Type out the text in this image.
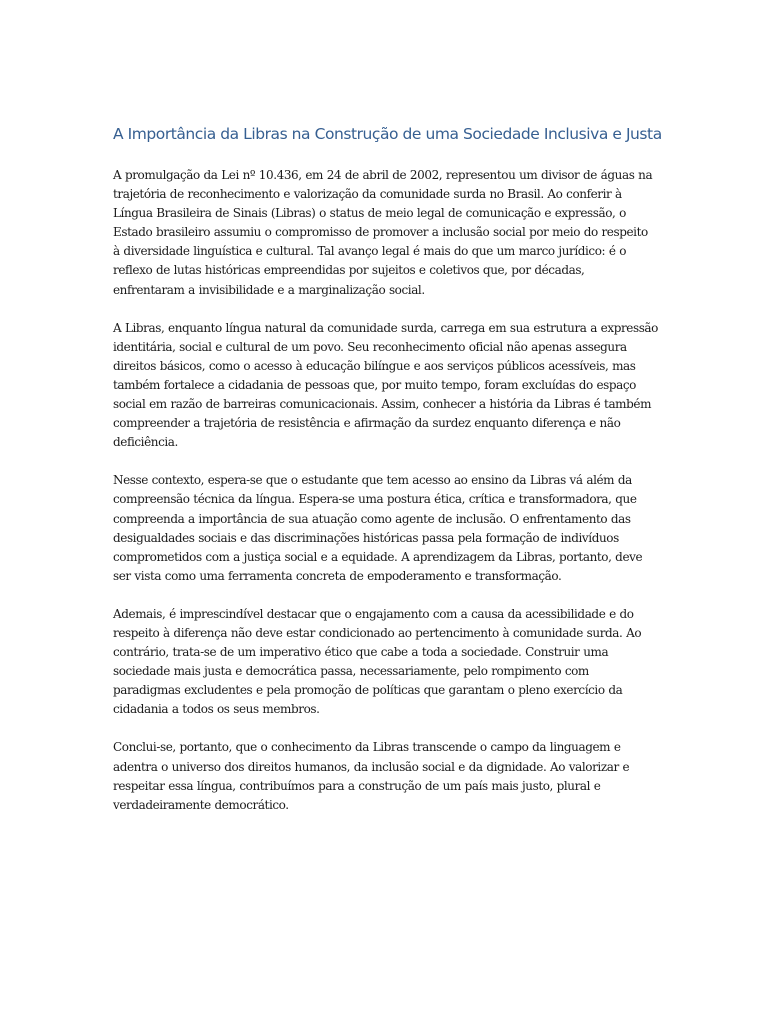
A Importância da Libras na Construção de uma Sociedade Inclusiva e Justa

A promulgação da Lei nº 10.436, em 24 de abril de 2002, representou um divisor de águas na trajetória de reconhecimento e valorização da comunidade surda no Brasil. Ao conferir à Língua Brasileira de Sinais (Libras) o status de meio legal de comunicação e expressão, o Estado brasileiro assumiu o compromisso de promover a inclusão social por meio do respeito à diversidade linguística e cultural. Tal avanço legal é mais do que um marco jurídico: é o reflexo de lutas históricas empreendidas por sujeitos e coletivos que, por décadas, enfrentaram a invisibilidade e a marginalização social.

A Libras, enquanto língua natural da comunidade surda, carrega em sua estrutura a expressão identitária, social e cultural de um povo. Seu reconhecimento oficial não apenas assegura direitos básicos, como o acesso à educação bilíngue e aos serviços públicos acessíveis, mas também fortalece a cidadania de pessoas que, por muito tempo, foram excluídas do espaço social em razão de barreiras comunicacionais. Assim, conhecer a história da Libras é também compreender a trajetória de resistência e afirmação da surdez enquanto diferença e não deficiência.

Nesse contexto, espera-se que o estudante que tem acesso ao ensino da Libras vá além da compreensão técnica da língua. Espera-se uma postura ética, crítica e transformadora, que compreenda a importância de sua atuação como agente de inclusão. O enfrentamento das desigualdades sociais e das discriminações históricas passa pela formação de indivíduos comprometidos com a justiça social e a equidade. A aprendizagem da Libras, portanto, deve ser vista como uma ferramenta concreta de empoderamento e transformação.

Ademais, é imprescindível destacar que o engajamento com a causa da acessibilidade e do respeito à diferença não deve estar condicionado ao pertencimento à comunidade surda. Ao contrário, trata-se de um imperativo ético que cabe a toda a sociedade. Construir uma sociedade mais justa e democrática passa, necessariamente, pelo rompimento com paradigmas excludentes e pela promoção de políticas que garantam o pleno exercício da cidadania a todos os seus membros.

Conclui-se, portanto, que o conhecimento da Libras transcende o campo da linguagem e adentra o universo dos direitos humanos, da inclusão social e da dignidade. Ao valorizar e respeitar essa língua, contribuímos para a construção de um país mais justo, plural e verdadeiramente democrático.
